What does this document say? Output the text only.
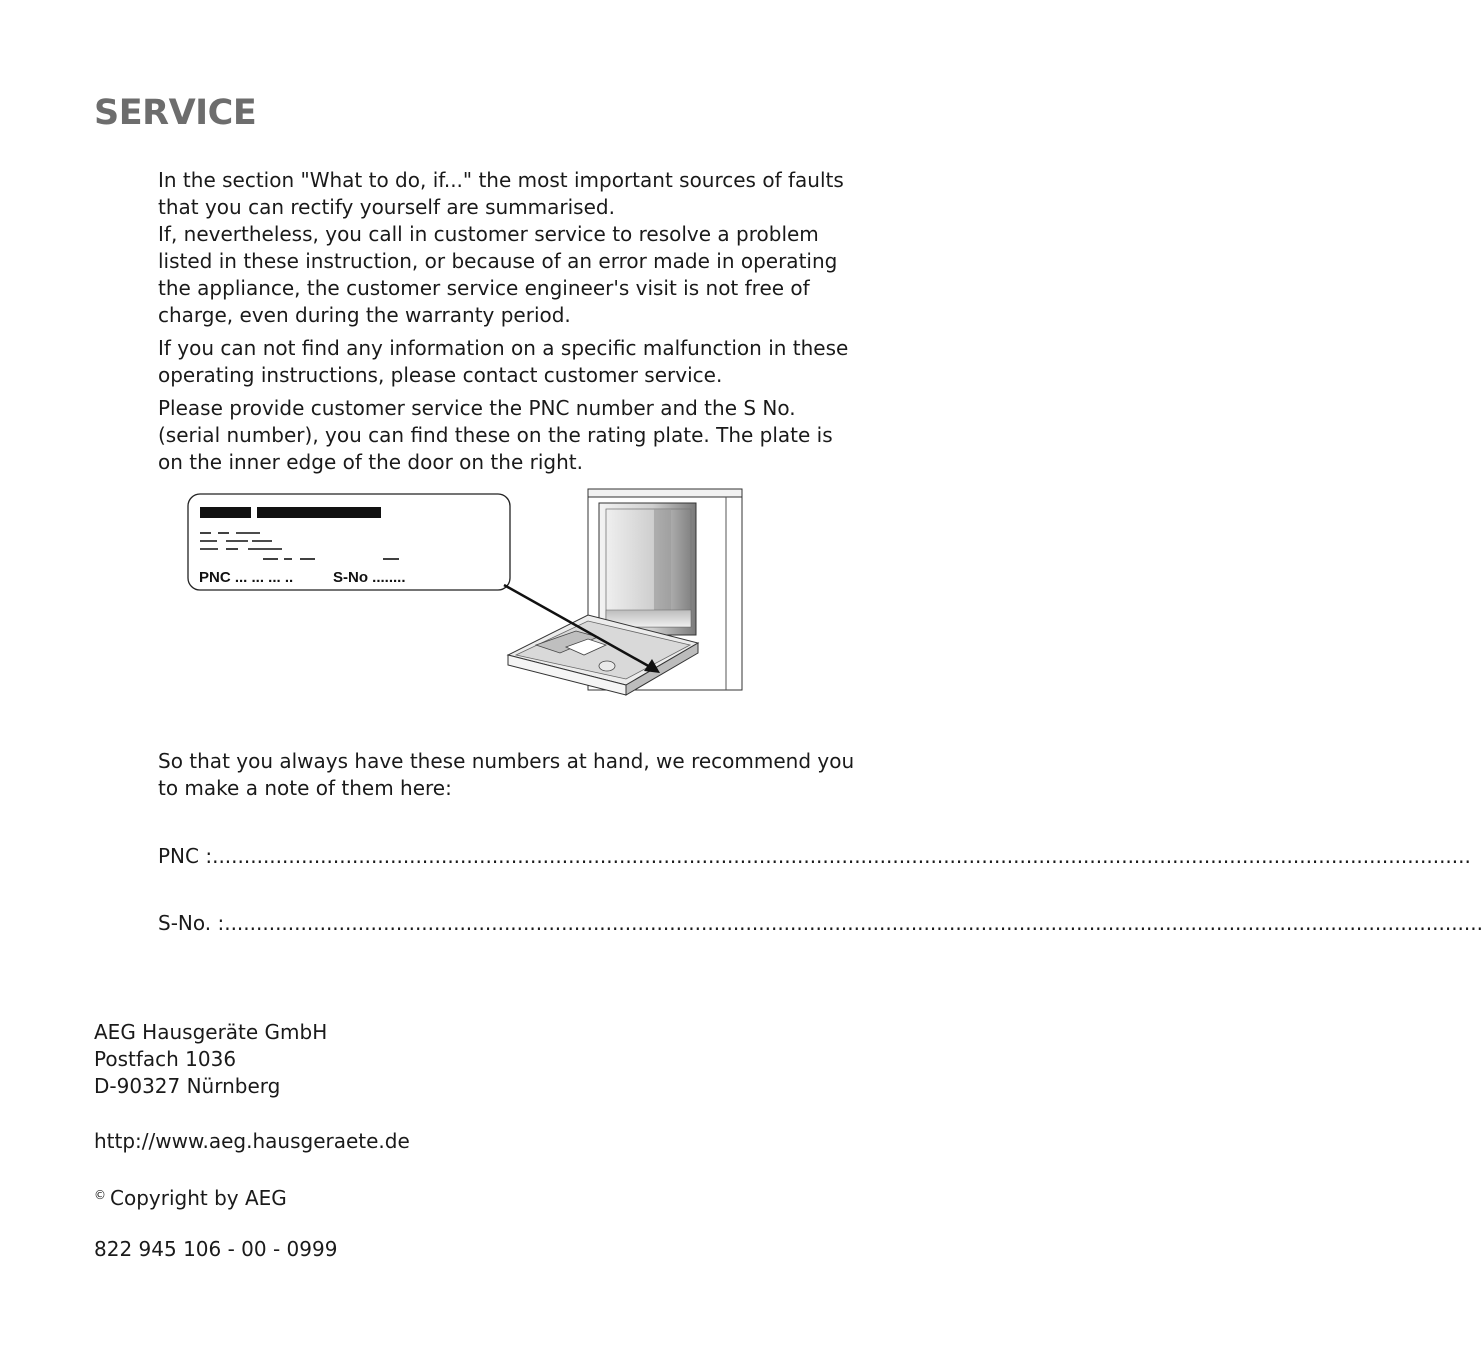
SERVICE

In the section "What to do, if..." the most important sources of faults that you can rectify yourself are summarised.

If, nevertheless, you call in customer service to resolve a problem listed in these instruction, or because of an error made in operating the appliance, the customer service engineer's visit is not free of charge, even during the warranty period.

If you can not find any information on a specific malfunction in these operating instructions, please contact customer service.

Please provide customer service the PNC number and the S No. (serial number), you can find these on the rating plate. The plate is on the inner edge of the door on the right.

PNC ... ... ... ..	S-No ........
So that you always have these numbers at hand, we recommend you to make a note of them here:
PNC :......................................................................................................................................................................................................
S-No. :......................................................................................................................................................................................................
AEG Hausgeräte GmbH
Postfach 1036
D-90327 Nürnberg
http://www.aeg.hausgeraete.de
© Copyright by AEG
822 945 106 - 00 - 0999
